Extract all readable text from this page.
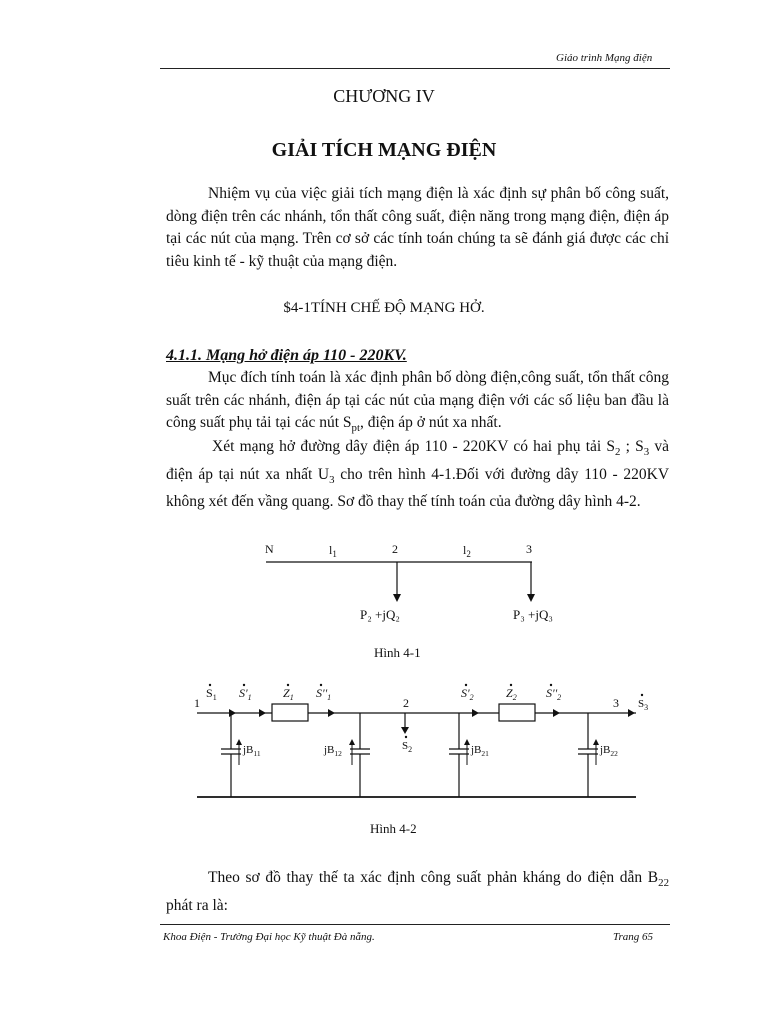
Giáo trình Mạng điện
CHƯƠNG IV
GIẢI TÍCH MẠNG ĐIỆN
Nhiệm vụ của việc giải tích mạng điện là xác định sự phân bố công suất, dòng điện trên các nhánh, tổn thất công suất, điện năng trong mạng điện, điện áp tại các nút của mạng. Trên cơ sở các tính toán chúng ta sẽ đánh giá được các chỉ tiêu kinh tế - kỹ thuật của mạng điện.
$4-1TÍNH CHẾ ĐỘ MẠNG HỞ.
4.1.1. Mạng hở điện áp 110 - 220KV.
Mục đích tính toán là xác định phân bố dòng điện,công suất, tổn thất công suất trên các nhánh, điện áp tại các nút của mạng điện với các số liệu ban đầu là công suất phụ tải tại các nút $S_{pt}$, điện áp ở nút xa nhất.
Xét mạng hở đường dây điện áp 110 - 220KV có hai phụ tải $S_2$ ; $S_3$ và điện áp tại nút xa nhất $U_3$ cho trên hình 4-1.Đối với đường dây 110 - 220KV không xét đến vầng quang. Sơ đồ thay thế tính toán của đường dây hình 4-2.
N	$l_1$	2	$l_2$	3
P₂ +jQ₂	P₃ +jQ₃
Hình 4-1
1
$S_1$ $S'_1$	$Z_1$ $S''_1$	2
$S_2$
$S'_2$	$Z_2$ $S''_2$	3 $S_3$
$jB_{11}$	$jB_{12}$	$jB_{21}$	$jB_{22}$
Hình 4-2
Theo sơ đồ thay thế ta xác định công suất phản kháng do điện dẫn $B_{22}$ phát ra là:
Khoa Điện - Trường Đại học Kỹ thuật Đà nẵng.	Trang 65
